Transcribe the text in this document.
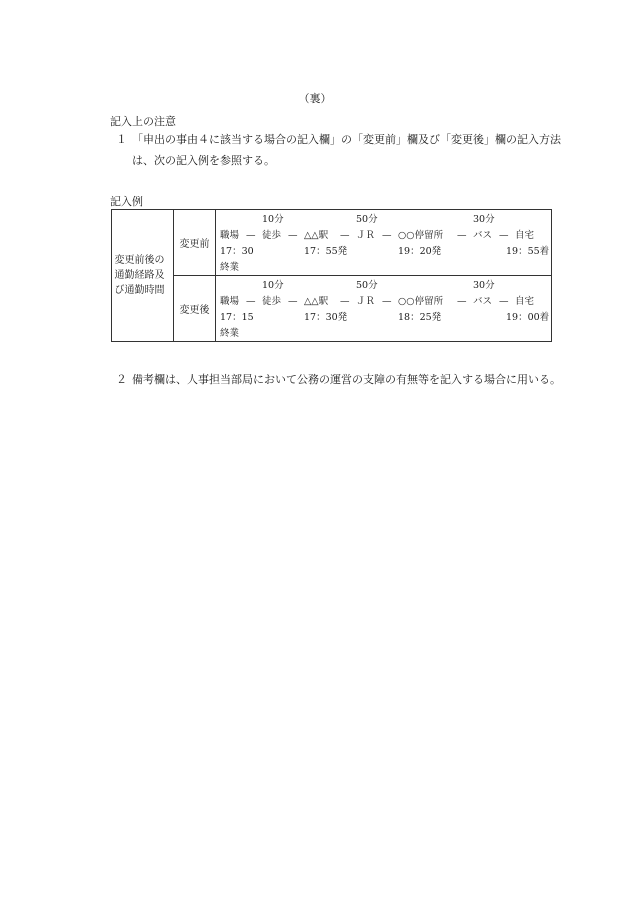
（裏）
記入上の注意
１ 「申出の事由４に該当する場合の記入欄」の「変更前」欄及び「変更後」欄の記入方法は、次の記入例を参照する。
記入例
変更前後の通勤経路及び通勤時間
変更前
10分	50分	30分
職場 — 徒歩 — △△駅 — ＪＲ — ○○停留所 — バス — 自宅
17：30	17：55発	19：20発	19：55着
終業
変更後
10分	50分	30分
職場 — 徒歩 — △△駅 — ＪＲ — ○○停留所 — バス — 自宅
17：15	17：30発	18：25発	19：00着
終業
２ 備考欄は、人事担当部局において公務の運営の支障の有無等を記入する場合に用いる。
